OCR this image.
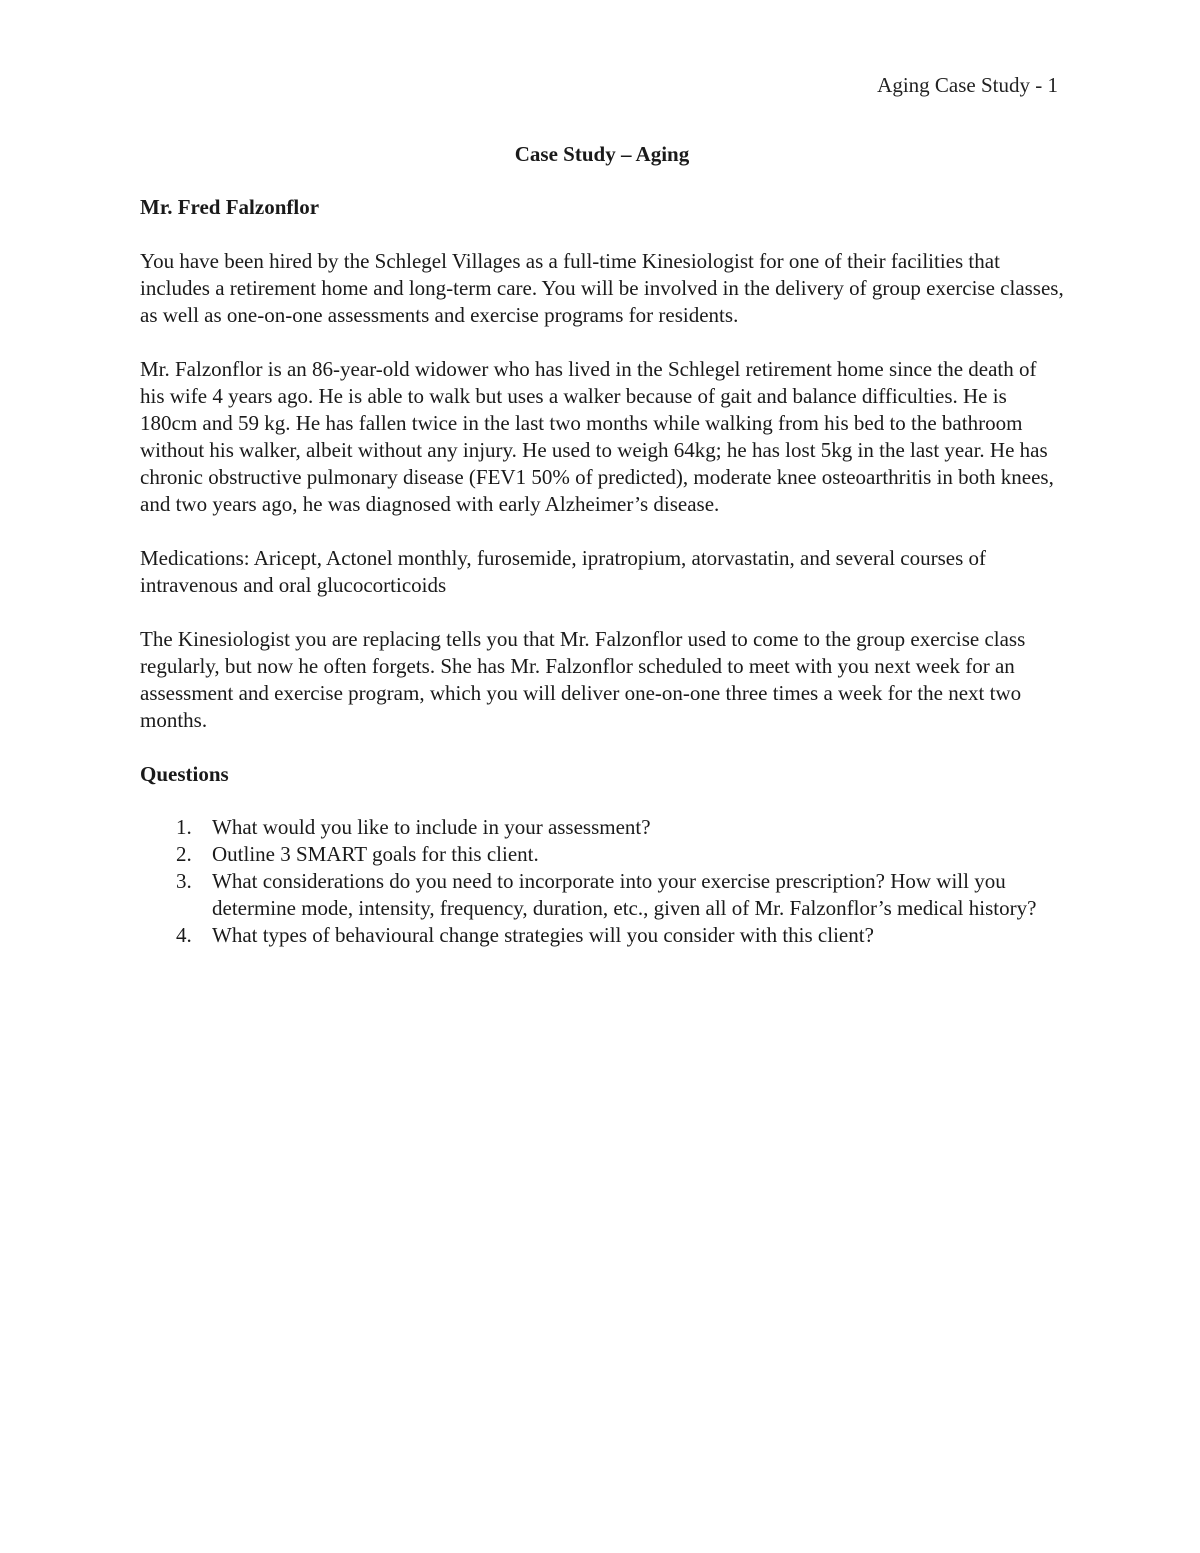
Aging Case Study - 1

Case Study – Aging

Mr. Fred Falzonflor

You have been hired by the Schlegel Villages as a full-time Kinesiologist for one of their facilities that includes a retirement home and long-term care. You will be involved in the delivery of group exercise classes, as well as one-on-one assessments and exercise programs for residents.

Mr. Falzonflor is an 86-year-old widower who has lived in the Schlegel retirement home since the death of his wife 4 years ago. He is able to walk but uses a walker because of gait and balance difficulties. He is 180cm and 59 kg. He has fallen twice in the last two months while walking from his bed to the bathroom without his walker, albeit without any injury. He used to weigh 64kg; he has lost 5kg in the last year. He has chronic obstructive pulmonary disease (FEV1 50% of predicted), moderate knee osteoarthritis in both knees, and two years ago, he was diagnosed with early Alzheimer’s disease.

Medications: Aricept, Actonel monthly, furosemide, ipratropium, atorvastatin, and several courses of intravenous and oral glucocorticoids

The Kinesiologist you are replacing tells you that Mr. Falzonflor used to come to the group exercise class regularly, but now he often forgets. She has Mr. Falzonflor scheduled to meet with you next week for an assessment and exercise program, which you will deliver one-on-one three times a week for the next two months.

Questions

1. What would you like to include in your assessment?
2. Outline 3 SMART goals for this client.
3. What considerations do you need to incorporate into your exercise prescription? How will you determine mode, intensity, frequency, duration, etc., given all of Mr. Falzonflor’s medical history?
4. What types of behavioural change strategies will you consider with this client?
